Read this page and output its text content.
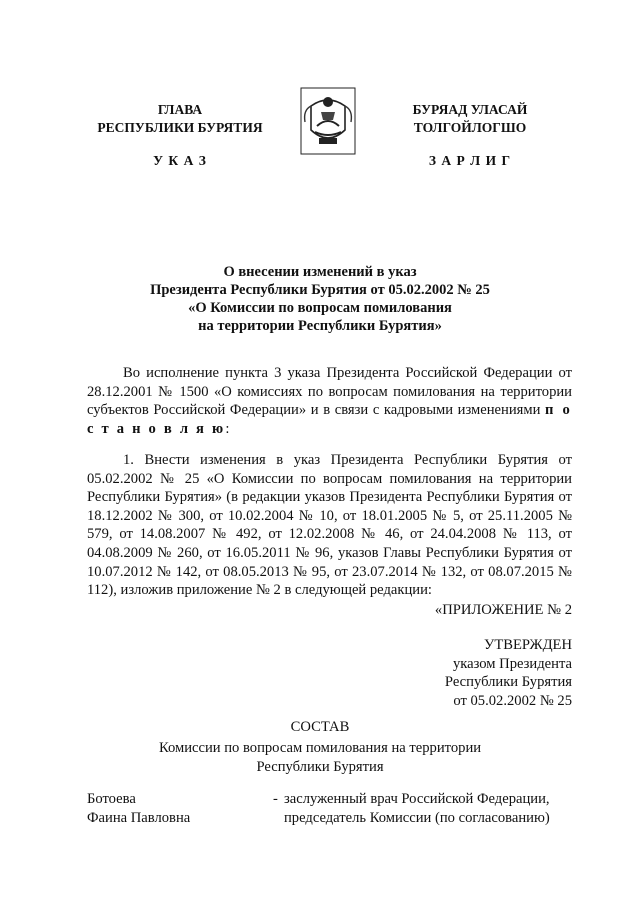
ГЛАВА
РЕСПУБЛИКИ БУРЯТИЯ
У К А З
БУРЯАД УЛАСАЙ
ТОЛГОЙЛОГШО
З А Р Л И Г
О внесении изменений в указ
Президента Республики Бурятия от 05.02.2002 № 25
«О Комиссии по вопросам помилования
на территории Республики Бурятия»

Во исполнение пункта 3 указа Президента Российской Федерации от 28.12.2001 № 1500 «О комиссиях по вопросам помилования на территории субъектов Российской Федерации» и в связи с кадровыми изменениями п о с т а н о в л я ю:

1. Внести изменения в указ Президента Республики Бурятия от 05.02.2002 № 25 «О Комиссии по вопросам помилования на территории Республики Бурятия» (в редакции указов Президента Республики Бурятия от 18.12.2002 № 300, от 10.02.2004 № 10, от 18.01.2005 № 5, от 25.11.2005 № 579, от 14.08.2007 № 492, от 12.02.2008 № 46, от 24.04.2008 № 113, от 04.08.2009 № 260, от 16.05.2011 № 96, указов Главы Республики Бурятия от 10.07.2012 № 142, от 08.05.2013 № 95, от 23.07.2014 № 132, от 08.07.2015 № 112), изложив приложение № 2 в следующей редакции:

«ПРИЛОЖЕНИЕ № 2
УТВЕРЖДЕН
указом Президента
Республики Бурятия
от 05.02.2002 № 25
СОСТАВ
Комиссии по вопросам помилования на территории
Республики Бурятия
Ботоева
Фаина Павловна
- заслуженный врач Российской Федерации,
председатель Комиссии (по согласованию)
